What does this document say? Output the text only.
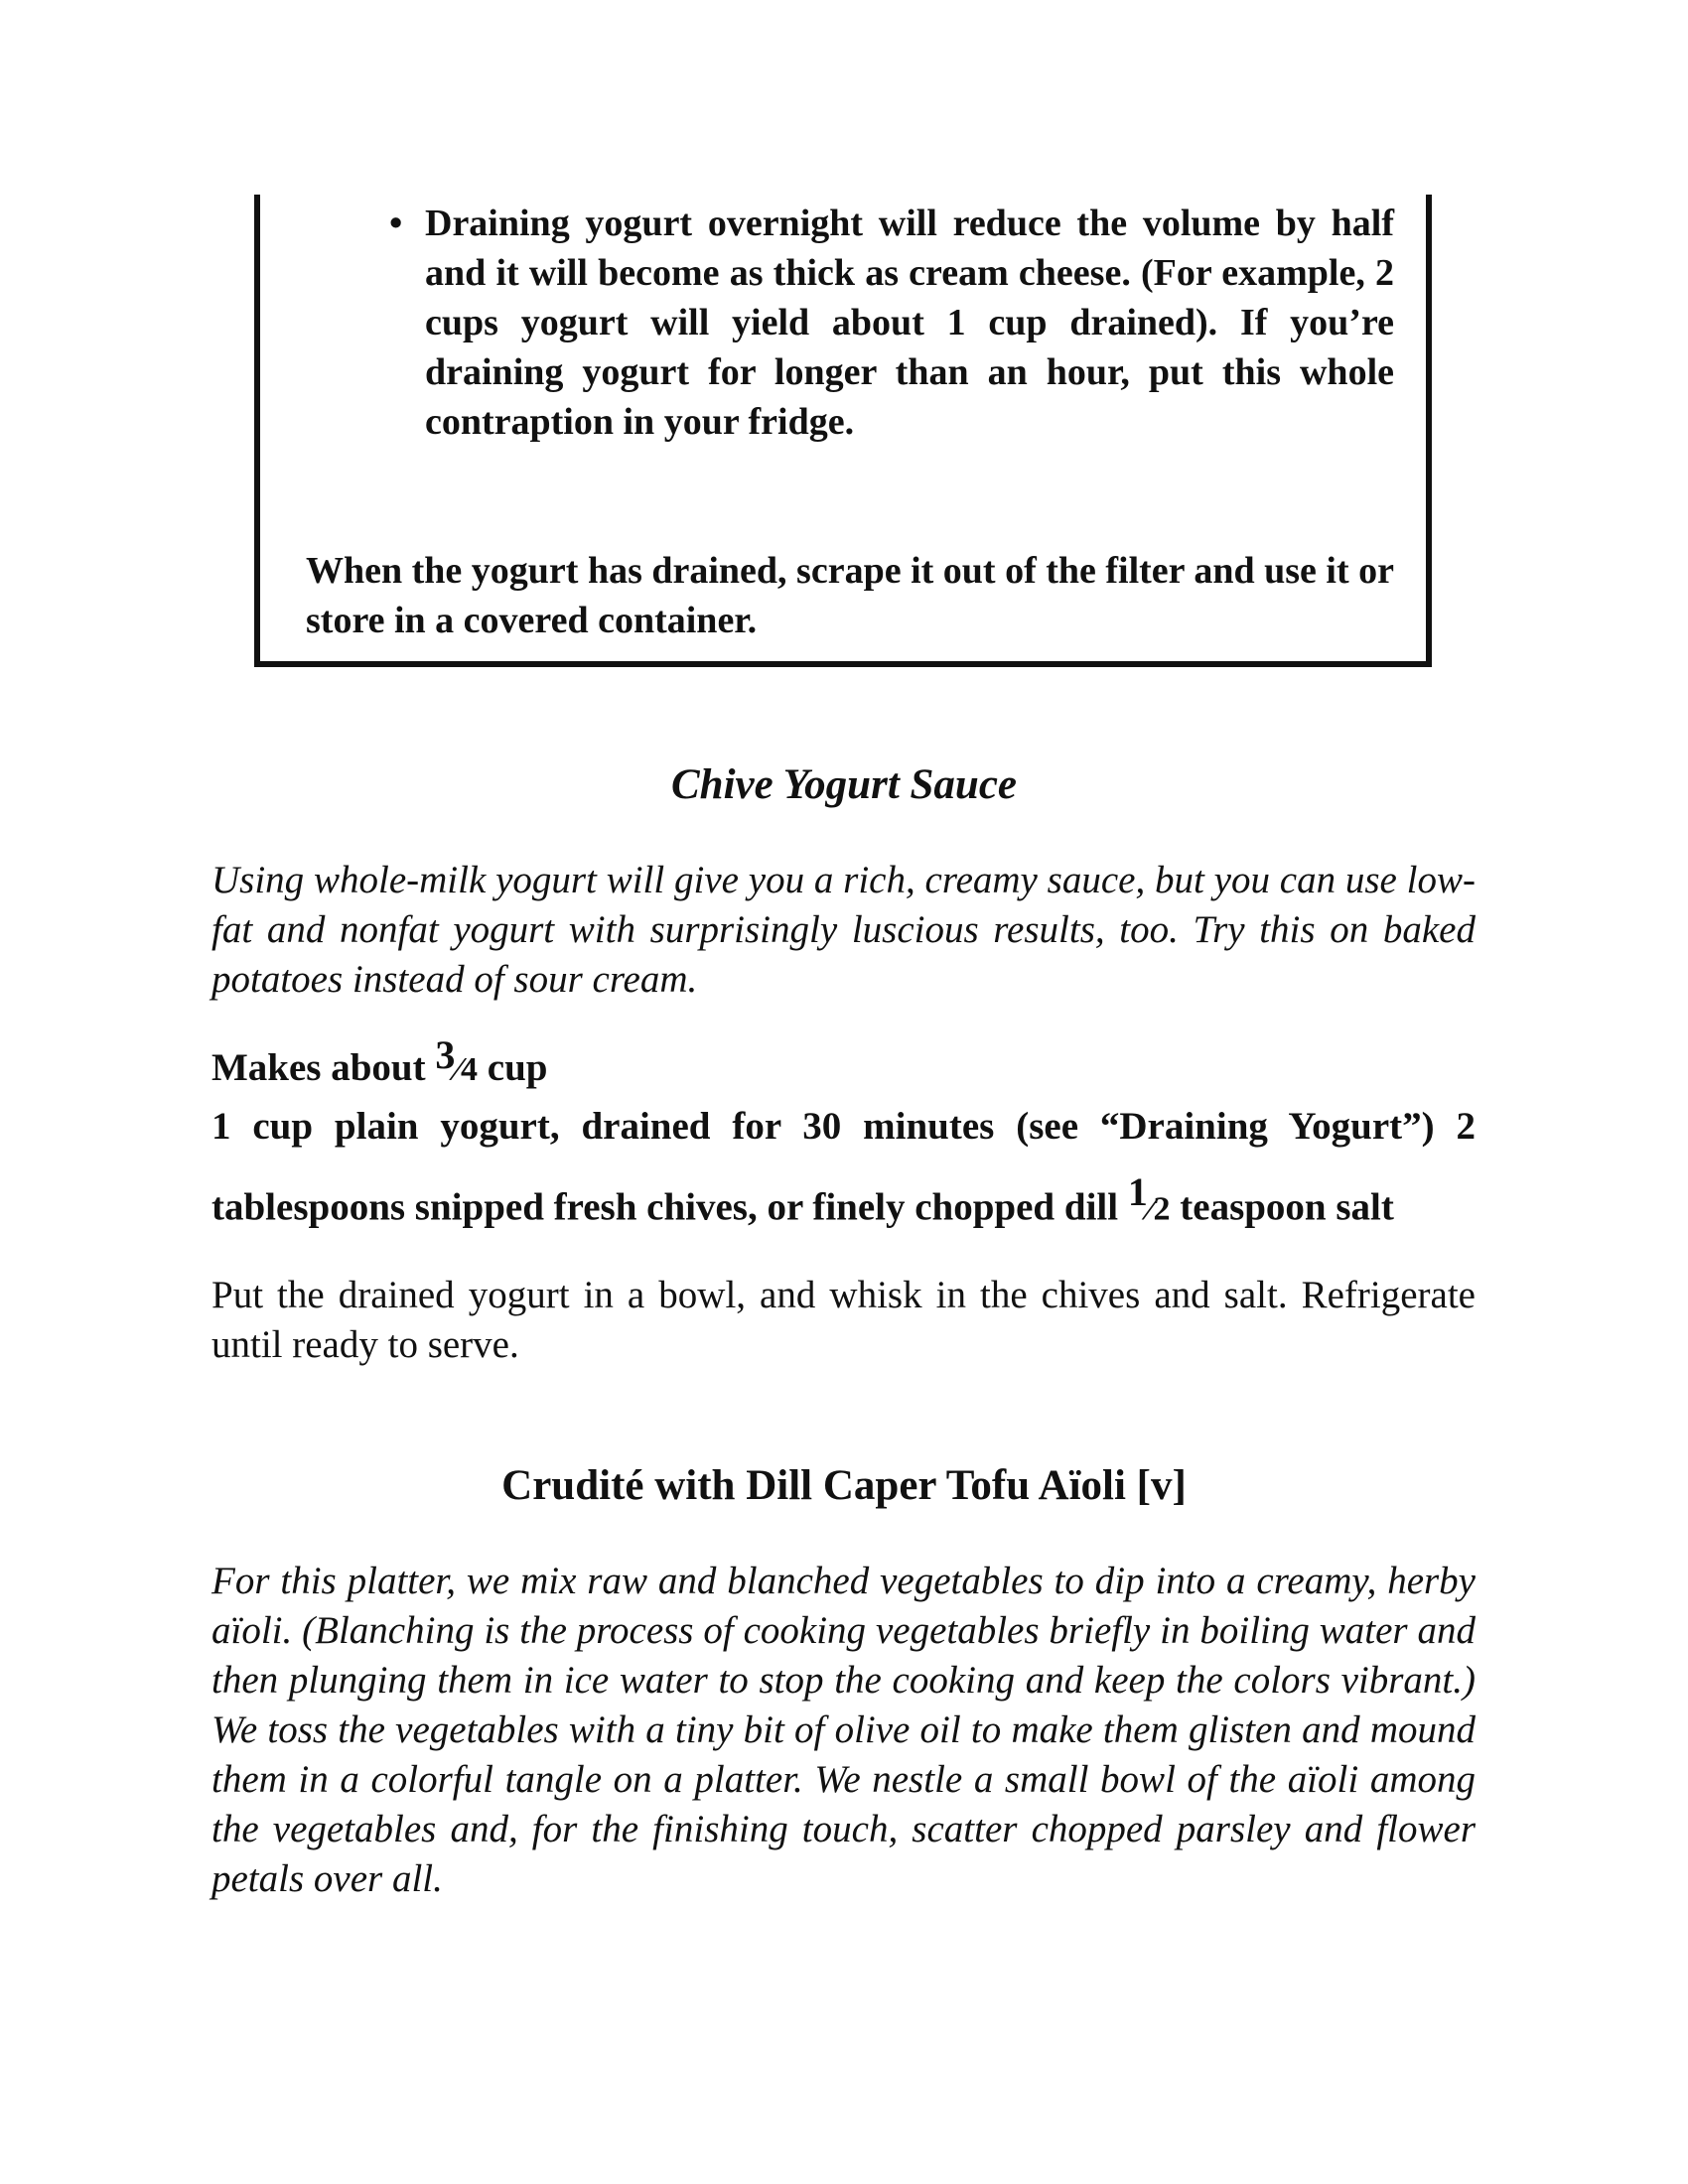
• Draining yogurt overnight will reduce the volume by half and it will become as thick as cream cheese. (For example, 2 cups yogurt will yield about 1 cup drained). If you’re draining yogurt for longer than an hour, put this whole contraption in your fridge.

When the yogurt has drained, scrape it out of the filter and use it or store in a covered container.

Chive Yogurt Sauce

Using whole-milk yogurt will give you a rich, creamy sauce, but you can use low-fat and nonfat yogurt with surprisingly luscious results, too. Try this on baked potatoes instead of sour cream.

Makes about 3⁄4 cup

1 cup plain yogurt, drained for 30 minutes (see “Draining Yogurt”) 2 tablespoons snipped fresh chives, or finely chopped dill 1⁄2 teaspoon salt

Put the drained yogurt in a bowl, and whisk in the chives and salt. Refrigerate until ready to serve.

Crudité with Dill Caper Tofu Aïoli [v]

For this platter, we mix raw and blanched vegetables to dip into a creamy, herby aïoli. (Blanching is the process of cooking vegetables briefly in boiling water and then plunging them in ice water to stop the cooking and keep the colors vibrant.) We toss the vegetables with a tiny bit of olive oil to make them glisten and mound them in a colorful tangle on a platter. We nestle a small bowl of the aïoli among the vegetables and, for the finishing touch, scatter chopped parsley and flower petals over all.
